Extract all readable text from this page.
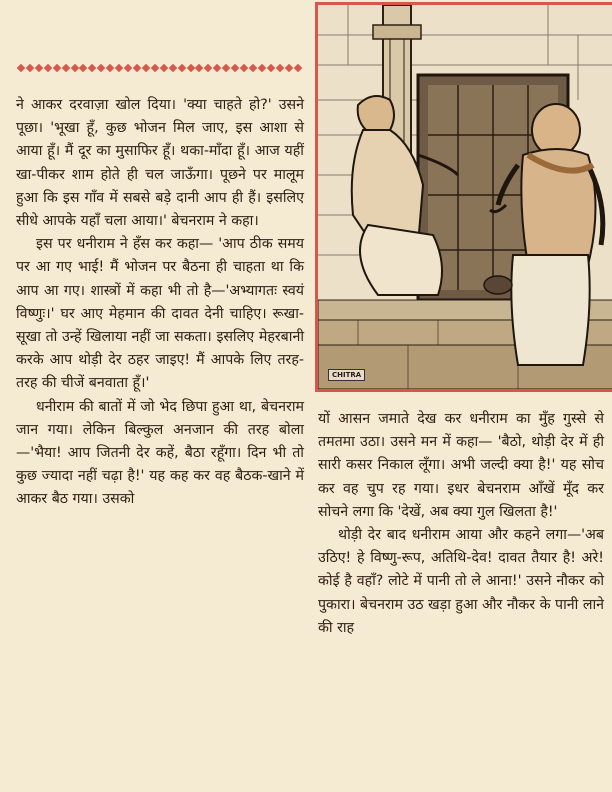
CHITRA

ने आकर दरवाज़ा खोल दिया। 'क्या चाहते हो?' उसने पूछा। 'भूखा हूँ, कुछ भोजन मिल जाए, इस आशा से आया हूँ। मैं दूर का मुसाफिर हूँ। थका-माँदा हूँ। आज यहीं खा-पीकर शाम होते ही चल जाऊँगा। पूछने पर मालूम हुआ कि इस गाँव में सबसे बड़े दानी आप ही हैं। इसलिए सीधे आपके यहाँ चला आया।' बेचनराम ने कहा।

इस पर धनीराम ने हँस कर कहा— 'आप ठीक समय पर आ गए भाई! मैं भोजन पर बैठना ही चाहता था कि आप आ गए। शास्त्रों में कहा भी तो है—'अभ्यागतः स्वयं विष्णुः।' घर आए मेहमान की दावत देनी चाहिए। रूखा-सूखा तो उन्हें खिलाया नहीं जा सकता। इसलिए मेहरबानी करके आप थोड़ी देर ठहर जाइए! मैं आपके लिए तरह-तरह की चीजें बनवाता हूँ।'

धनीराम की बातों में जो भेद छिपा हुआ था, बेचनराम जान गया। लेकिन बिल्कुल अनजान की तरह बोला—'भैया! आप जितनी देर कहें, बैठा रहूँगा। दिन भी तो कुछ ज्यादा नहीं चढ़ा है!' यह कह कर वह बैठक-खाने में आकर बैठ गया। उसको

यों आसन जमाते देख कर धनीराम का मुँह गुस्से से तमतमा उठा। उसने मन में कहा— 'बैठो, थोड़ी देर में ही सारी कसर निकाल लूँगा। अभी जल्दी क्या है!' यह सोच कर वह चुप रह गया। इधर बेचनराम आँखें मूँद कर सोचने लगा कि 'देखें, अब क्या गुल खिलता है!'

थोड़ी देर बाद धनीराम आया और कहने लगा—'अब उठिए! हे विष्णु-रूप, अतिथि-देव! दावत तैयार है! अरे! कोई है वहाँ? लोटे में पानी तो ले आना!' उसने नौकर को पुकारा। बेचनराम उठ खड़ा हुआ और नौकर के पानी लाने की राह
